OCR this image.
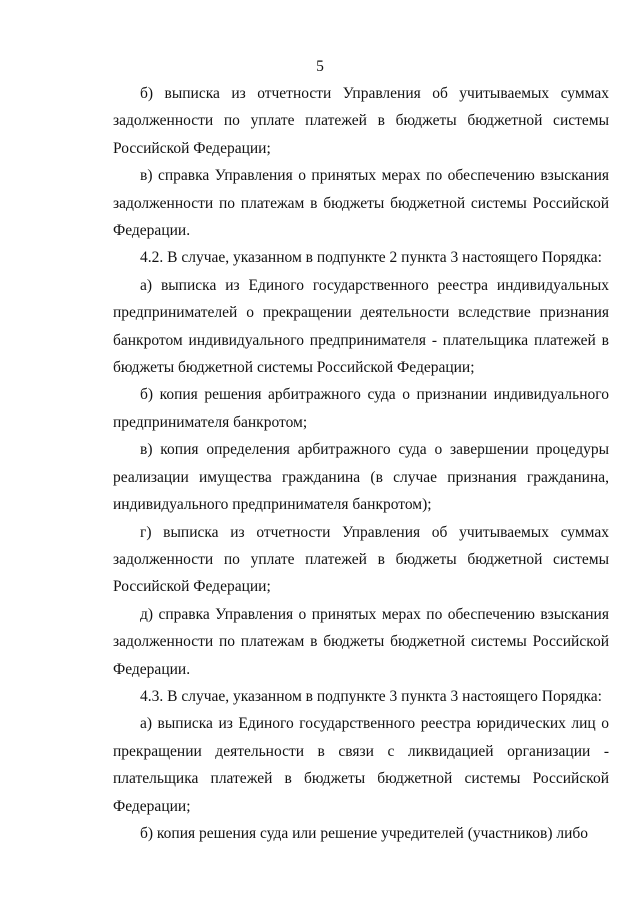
5

б) выписка из отчетности Управления об учитываемых суммах задолженности по уплате платежей в бюджеты бюджетной системы Российской Федерации;

в) справка Управления о принятых мерах по обеспечению взыскания задолженности по платежам в бюджеты бюджетной системы Российской Федерации.

4.2. В случае, указанном в подпункте 2 пункта 3 настоящего Порядка:

а) выписка из Единого государственного реестра индивидуальных предпринимателей о прекращении деятельности вследствие признания банкротом индивидуального предпринимателя - плательщика платежей в бюджеты бюджетной системы Российской Федерации;

б) копия решения арбитражного суда о признании индивидуального предпринимателя банкротом;

в) копия определения арбитражного суда о завершении процедуры реализации имущества гражданина (в случае признания гражданина, индивидуального предпринимателя банкротом);

г) выписка из отчетности Управления об учитываемых суммах задолженности по уплате платежей в бюджеты бюджетной системы Российской Федерации;

д) справка Управления о принятых мерах по обеспечению взыскания задолженности по платежам в бюджеты бюджетной системы Российской Федерации.

4.3. В случае, указанном в подпункте 3 пункта 3 настоящего Порядка:

а) выписка из Единого государственного реестра юридических лиц о прекращении деятельности в связи с ликвидацией организации - плательщика платежей в бюджеты бюджетной системы Российской Федерации;

б) копия решения суда или решение учредителей (участников) либо
